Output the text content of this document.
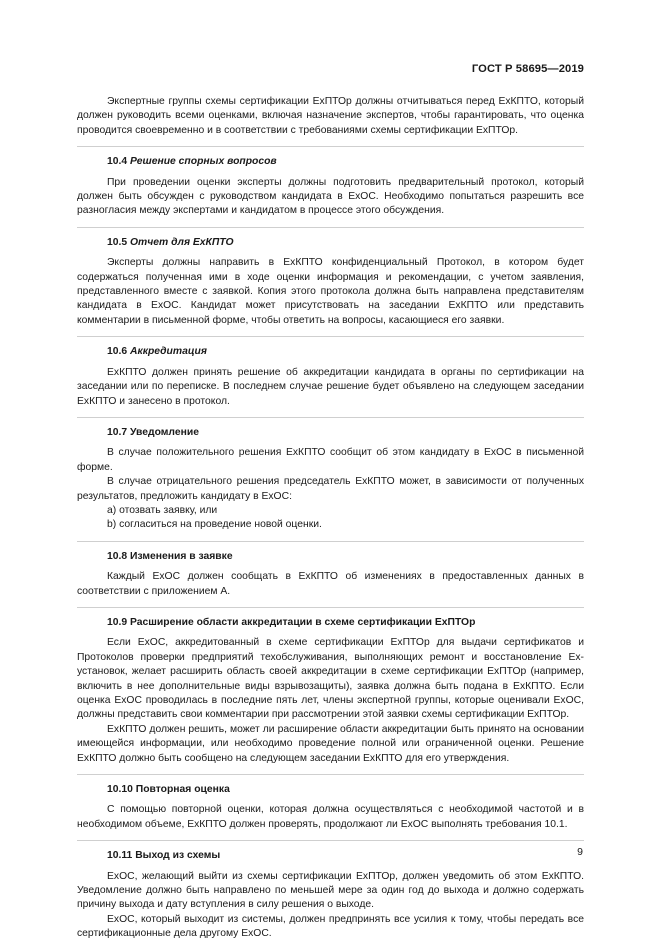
ГОСТ Р 58695—2019

Экспертные группы схемы сертификации ExПТОр должны отчитываться перед ExКПТО, который должен руководить всеми оценками, включая назначение экспертов, чтобы гарантировать, что оценка проводится своевременно и в соответствии с требованиями схемы сертификации ExПТОр.

10.4 Решение спорных вопросов

При проведении оценки эксперты должны подготовить предварительный протокол, который должен быть обсужден с руководством кандидата в ExОС. Необходимо попытаться разрешить все разногласия между экспертами и кандидатом в процессе этого обсуждения.

10.5 Отчет для ExКПТО

Эксперты должны направить в ExКПТО конфиденциальный Протокол, в котором будет содержаться полученная ими в ходе оценки информация и рекомендации, с учетом заявления, представленного вместе с заявкой. Копия этого протокола должна быть направлена представителям кандидата в ExОС. Кандидат может присутствовать на заседании ExКПТО или представить комментарии в письменной форме, чтобы ответить на вопросы, касающиеся его заявки.

10.6 Аккредитация

ExКПТО должен принять решение об аккредитации кандидата в органы по сертификации на заседании или по переписке. В последнем случае решение будет объявлено на следующем заседании ExКПТО и занесено в протокол.

10.7 Уведомление

В случае положительного решения ExКПТО сообщит об этом кандидату в ExОС в письменной форме.

В случае отрицательного решения председатель ExКПТО может, в зависимости от полученных результатов, предложить кандидату в ExОС:

a) отозвать заявку, или

b) согласиться на проведение новой оценки.

10.8 Изменения в заявке

Каждый ExОС должен сообщать в ExКПТО об изменениях в предоставленных данных в соответствии с приложением А.

10.9 Расширение области аккредитации в схеме сертификации ExПТОр

Если ExОС, аккредитованный в схеме сертификации ExПТОр для выдачи сертификатов и Протоколов проверки предприятий техобслуживания, выполняющих ремонт и восстановление Ex-установок, желает расширить область своей аккредитации в схеме сертификации ExПТОр (например, включить в нее дополнительные виды взрывозащиты), заявка должна быть подана в ExКПТО. Если оценка ExОС проводилась в последние пять лет, члены экспертной группы, которые оценивали ExОС, должны представить свои комментарии при рассмотрении этой заявки схемы сертификации ExПТОр.

ExКПТО должен решить, может ли расширение области аккредитации быть принято на основании имеющейся информации, или необходимо проведение полной или ограниченной оценки. Решение ExКПТО должно быть сообщено на следующем заседании ExКПТО для его утверждения.

10.10 Повторная оценка

С помощью повторной оценки, которая должна осуществляться с необходимой частотой и в необходимом объеме, ExКПТО должен проверять, продолжают ли ExОС выполнять требования 10.1.

10.11 Выход из схемы

ExОС, желающий выйти из схемы сертификации ExПТОр, должен уведомить об этом ExКПТО. Уведомление должно быть направлено по меньшей мере за один год до выхода и должно содержать причину выхода и дату вступления в силу решения о выходе.

ExОС, который выходит из системы, должен предпринять все усилия к тому, чтобы передать все сертификационные дела другому ExОС.

9
